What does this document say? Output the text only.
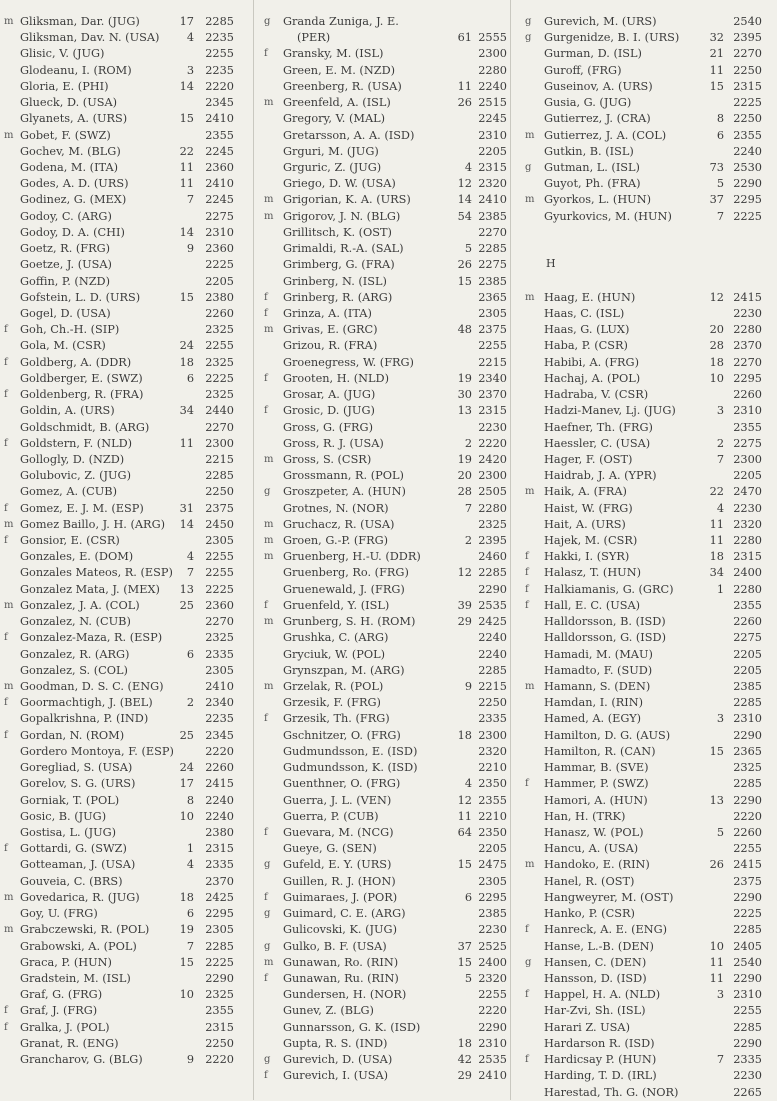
m Gliksman, Dar. (JUG)	17 2285
Gliksman, Dav. N. (USA)	4 2235
Glisic, V. (JUG)	2255
Glodeanu, I. (ROM)	3 2235
Gloria, E. (PHI)	14 2220
Glueck, D. (USA)	2345
Glyanets, A. (URS)	15 2410
m Gobet, F. (SWZ)	2355
Gochev, M. (BLG)	22 2245
Godena, M. (ITA)	11 2360
Godes, A. D. (URS)	11 2410
Godinez, G. (MEX)	7 2245
Godoy, C. (ARG)	2275
Godoy, D. A. (CHI)	14 2310
Goetz, R. (FRG)	9 2360
Goetze, J. (USA)	2225
Goffin, P. (NZD)	2205
Gofstein, L. D. (URS)	15 2380
Gogel, D. (USA)	2260
f Goh, Ch.-H. (SIP)	2325
Gola, M. (CSR)	24 2255
f Goldberg, A. (DDR)	18 2325
Goldberger, E. (SWZ)	6 2225
f Goldenberg, R. (FRA)	2325
Goldin, A. (URS)	34 2440
Goldschmidt, B. (ARG)	2270
f Goldstern, F. (NLD)	11 2300
Gollogly, D. (NZD)	2215
Golubovic, Z. (JUG)	2285
Gomez, A. (CUB)	2250
f Gomez, E. J. M. (ESP)	31 2375
m Gomez Baillo, J. H. (ARG)	14 2450
f Gonsior, E. (CSR)	2305
Gonzales, E. (DOM)	4 2255
Gonzales Mateos, R. (ESP)	7 2255
Gonzalez Mata, J. (MEX)	13 2225
m Gonzalez, J. A. (COL)	25 2360
Gonzalez, N. (CUB)	2270
f Gonzalez-Maza, R. (ESP)	2325
Gonzalez, R. (ARG)	6 2335
Gonzalez, S. (COL)	2305
m Goodman, D. S. C. (ENG)	2410
f Goormachtigh, J. (BEL)	2 2340
Gopalkrishna, P. (IND)	2235
f Gordan, N. (ROM)	25 2345
Gordero Montoya, F. (ESP)	2220
Goregliad, S. (USA)	24 2260
Gorelov, S. G. (URS)	17 2415
Gorniak, T. (POL)	8 2240
Gosic, B. (JUG)	10 2240
Gostisa, L. (JUG)	2380
f Gottardi, G. (SWZ)	1 2315
Gotteaman, J. (USA)	4 2335
Gouveia, C. (BRS)	2370
m Govedarica, R. (JUG)	18 2425
Goy, U. (FRG)	6 2295
m Grabczewski, R. (POL)	19 2305
Grabowski, A. (POL)	7 2285
Graca, P. (HUN)	15 2225
Gradstein, M. (ISL)	2290
Graf, G. (FRG)	10 2325
f Graf, J. (FRG)	2355
f Gralka, J. (POL)	2315
Granat, R. (ENG)	2250
Grancharov, G. (BLG)	9 2220
g Granda Zuniga, J. E.
(PER)	61 2555
f Gransky, M. (ISL)	2300
Green, E. M. (NZD)	2280
Greenberg, R. (USA)	11 2240
m Greenfeld, A. (ISL)	26 2515
Gregory, V. (MAL)	2245
Gretarsson, A. A. (ISD)	2310
Grguri, M. (JUG)	2205
Grguric, Z. (JUG)	4 2315
Griego, D. W. (USA)	12 2320
m Grigorian, K. A. (URS)	14 2410
m Grigorov, J. N. (BLG)	54 2385
Grillitsch, K. (OST)	2270
Grimaldi, R.-A. (SAL)	5 2285
Grimberg, G. (FRA)	26 2275
Grinberg, N. (ISL)	15 2385
f Grinberg, R. (ARG)	2365
f Grinza, A. (ITA)	2305
m Grivas, E. (GRC)	48 2375
Grizou, R. (FRA)	2255
Groenegress, W. (FRG)	2215
f Grooten, H. (NLD)	19 2340
Grosar, A. (JUG)	30 2370
f Grosic, D. (JUG)	13 2315
Gross, G. (FRG)	2230
Gross, R. J. (USA)	2 2220
m Gross, S. (CSR)	19 2420
Grossmann, R. (POL)	20 2300
g Groszpeter, A. (HUN)	28 2505
Grotnes, N. (NOR)	7 2280
m Gruchacz, R. (USA)	2325
m Groen, G.-P. (FRG)	2 2395
m Gruenberg, H.-U. (DDR)	2460
Gruenberg, Ro. (FRG)	12 2285
Gruenewald, J. (FRG)	2290
f Gruenfeld, Y. (ISL)	39 2535
m Grunberg, S. H. (ROM)	29 2425
Grushka, C. (ARG)	2240
Gryciuk, W. (POL)	2240
Grynszpan, M. (ARG)	2285
m Grzelak, R. (POL)	9 2215
Grzesik, F. (FRG)	2250
f Grzesik, Th. (FRG)	2335
Gschnitzer, O. (FRG)	18 2300
Gudmundsson, E. (ISD)	2320
Gudmundsson, K. (ISD)	2210
Guenthner, O. (FRG)	4 2350
Guerra, J. L. (VEN)	12 2355
Guerra, P. (CUB)	11 2210
f Guevara, M. (NCG)	64 2350
Gueye, G. (SEN)	2205
g Gufeld, E. Y. (URS)	15 2475
Guillen, R. J. (HON)	2305
f Guimaraes, J. (POR)	6 2295
g Guimard, C. E. (ARG)	2385
Gulicovski, K. (JUG)	2230
g Gulko, B. F. (USA)	37 2525
m Gunawan, Ro. (RIN)	15 2400
f Gunawan, Ru. (RIN)	5 2320
Gundersen, H. (NOR)	2255
Gunev, Z. (BLG)	2220
Gunnarsson, G. K. (ISD)	2290
Gupta, R. S. (IND)	18 2310
g Gurevich, D. (USA)	42 2535
f Gurevich, I. (USA)	29 2410
H
g Gurevich, M. (URS)	2540
g Gurgenidze, B. I. (URS)	32 2395
Gurman, D. (ISL)	21 2270
Guroff, (FRG)	11 2250
Guseinov, A. (URS)	15 2315
Gusia, G. (JUG)	2225
Gutierrez, J. (CRA)	8 2250
m Gutierrez, J. A. (COL)	6 2355
Gutkin, B. (ISL)	2240
g Gutman, L. (ISL)	73 2530
Guyot, Ph. (FRA)	5 2290
m Gyorkos, L. (HUN)	37 2295
Gyurkovics, M. (HUN)	7 2225
m Haag, E. (HUN)	12 2415
Haas, C. (ISL)	2230
Haas, G. (LUX)	20 2280
Haba, P. (CSR)	28 2370
Habibi, A. (FRG)	18 2270
Hachaj, A. (POL)	10 2295
Hadraba, V. (CSR)	2260
Hadzi-Manev, Lj. (JUG)	3 2310
Haefner, Th. (FRG)	2355
Haessler, C. (USA)	2 2275
Hager, F. (OST)	7 2300
Haidrab, J. A. (YPR)	2205
m Haik, A. (FRA)	22 2470
Haist, W. (FRG)	4 2230
Hait, A. (URS)	11 2320
Hajek, M. (CSR)	11 2280
f Hakki, I. (SYR)	18 2315
f Halasz, T. (HUN)	34 2400
f Halkiamanis, G. (GRC)	1 2280
f Hall, E. C. (USA)	2355
Halldorsson, B. (ISD)	2260
Halldorsson, G. (ISD)	2275
Hamadi, M. (MAU)	2205
Hamadto, F. (SUD)	2205
m Hamann, S. (DEN)	2385
Hamdan, I. (RIN)	2285
Hamed, A. (EGY)	3 2310
Hamilton, D. G. (AUS)	2290
Hamilton, R. (CAN)	15 2365
Hammar, B. (SVE)	2325
f Hammer, P. (SWZ)	2285
Hamori, A. (HUN)	13 2290
Han, H. (TRK)	2220
Hanasz, W. (POL)	5 2260
Hancu, A. (USA)	2255
m Handoko, E. (RIN)	26 2415
Hanel, R. (OST)	2375
Hangweyrer, M. (OST)	2290
Hanko, P. (CSR)	2225
f Hanreck, A. E. (ENG)	2285
Hanse, L.-B. (DEN)	10 2405
g Hansen, C. (DEN)	11 2540
Hansson, D. (ISD)	11 2290
f Happel, H. A. (NLD)	3 2310
Har-Zvi, Sh. (ISL)	2255
Harari Z. USA)	2285
Hardarson R. (ISD)	2290
f Hardicsay P. (HUN)	7 2335
Harding, T. D. (IRL)	2230
Harestad, Th. G. (NOR)	2265
